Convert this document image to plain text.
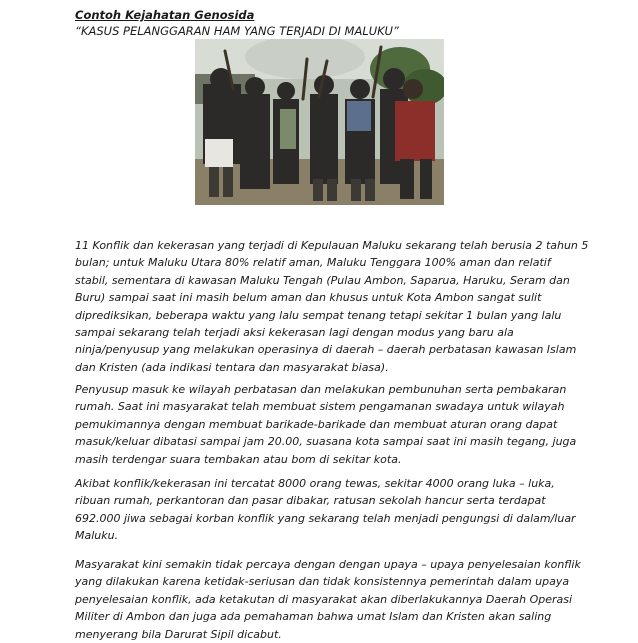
Contoh Kejahatan Genosida
“KASUS PELANGGARAN HAM YANG TERJADI DI MALUKU”
11 Konflik dan kekerasan yang terjadi di Kepulauan Maluku sekarang telah berusia 2 tahun 5
bulan; untuk Maluku Utara 80% relatif aman, Maluku Tenggara 100% aman dan relatif
stabil, sementara di kawasan Maluku Tengah (Pulau Ambon, Saparua, Haruku, Seram dan
Buru) sampai saat ini masih belum aman dan khusus untuk Kota Ambon sangat sulit
diprediksikan, beberapa waktu yang lalu sempat tenang tetapi sekitar 1 bulan yang lalu
sampai sekarang telah terjadi aksi kekerasan lagi dengan modus yang baru ala
ninja/penyusup yang melakukan operasinya di daerah – daerah perbatasan kawasan Islam
dan Kristen (ada indikasi tentara dan masyarakat biasa).
Penyusup masuk ke wilayah perbatasan dan melakukan pembunuhan serta pembakaran
rumah. Saat ini masyarakat telah membuat sistem pengamanan swadaya untuk wilayah
pemukimannya dengan membuat barikade-barikade dan membuat aturan orang dapat
masuk/keluar dibatasi sampai jam 20.00, suasana kota sampai saat ini masih tegang, juga
masih terdengar suara tembakan atau bom di sekitar kota.
Akibat konflik/kekerasan ini tercatat 8000 orang tewas, sekitar 4000 orang luka – luka,
ribuan rumah, perkantoran dan pasar dibakar, ratusan sekolah hancur serta terdapat
692.000 jiwa sebagai korban konflik yang sekarang telah menjadi pengungsi di dalam/luar
Maluku.
Masyarakat kini semakin tidak percaya dengan dengan upaya – upaya penyelesaian konflik
yang dilakukan karena ketidak-seriusan dan tidak konsistennya pemerintah dalam upaya
penyelesaian konflik, ada ketakutan di masyarakat akan diberlakukannya Daerah Operasi
Militer di Ambon dan juga ada pemahaman bahwa umat Islam dan Kristen akan saling
menyerang bila Darurat Sipil dicabut.
